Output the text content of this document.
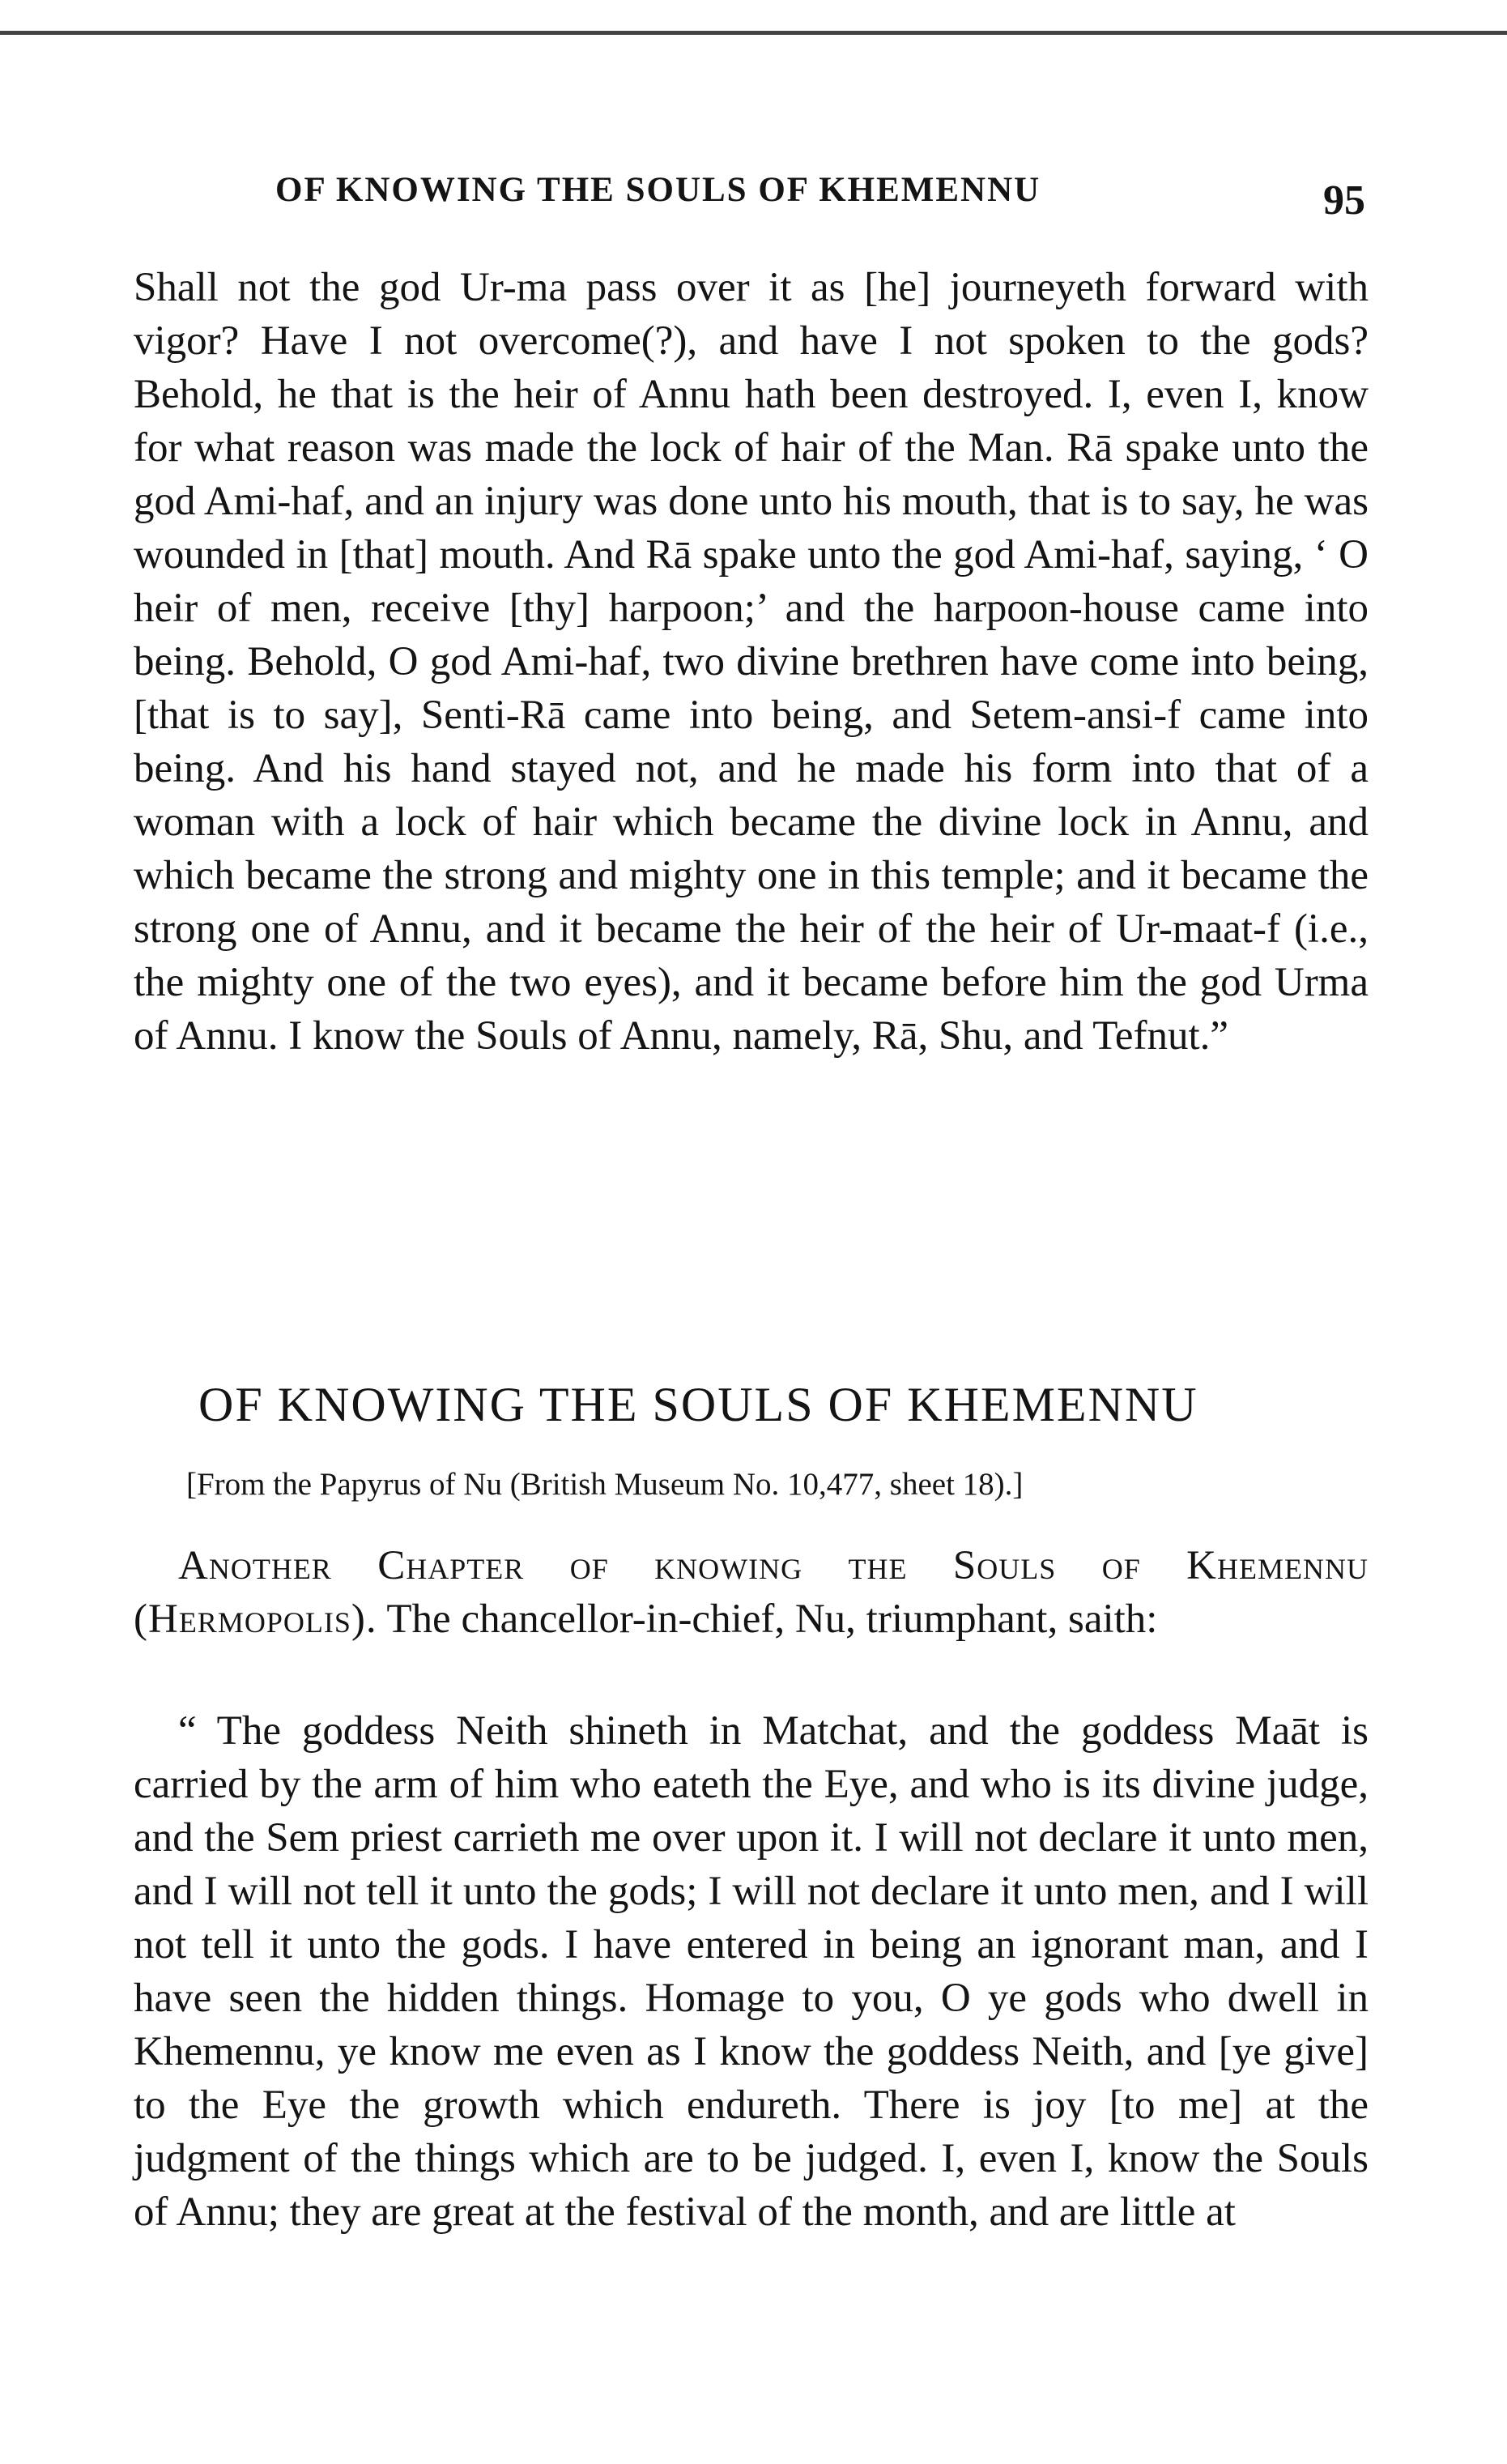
OF KNOWING THE SOULS OF KHEMENNU	95

Shall not the god Ur-ma pass over it as [he] journeyeth forward with vigor? Have I not overcome(?), and have I not spoken to the gods? Behold, he that is the heir of Annu hath been destroyed. I, even I, know for what reason was made the lock of hair of the Man. Rā spake unto the god Ami-haf, and an injury was done unto his mouth, that is to say, he was wounded in [that] mouth. And Rā spake unto the god Ami-haf, saying, ‘ O heir of men, receive [thy] harpoon;’ and the harpoon-house came into being. Behold, O god Ami-haf, two divine brethren have come into being, [that is to say], Senti-Rā came into being, and Setem-ansi-f came into being. And his hand stayed not, and he made his form into that of a woman with a lock of hair which became the divine lock in Annu, and which became the strong and mighty one in this temple; and it became the strong one of Annu, and it became the heir of the heir of Ur-maat-f (i.e., the mighty one of the two eyes), and it became before him the god Urma of Annu. I know the Souls of Annu, namely, Rā, Shu, and Tefnut.”

OF KNOWING THE SOULS OF KHEMENNU
[From the Papyrus of Nu (British Museum No. 10,477, sheet 18).]

Another Chapter of knowing the Souls of Khemennu (Hermopolis). The chancellor-in-chief, Nu, triumphant, saith:

“ The goddess Neith shineth in Matchat, and the goddess Maāt is carried by the arm of him who eateth the Eye, and who is its divine judge, and the Sem priest carrieth me over upon it. I will not declare it unto men, and I will not tell it unto the gods; I will not declare it unto men, and I will not tell it unto the gods. I have entered in being an ignorant man, and I have seen the hidden things. Homage to you, O ye gods who dwell in Khemennu, ye know me even as I know the goddess Neith, and [ye give] to the Eye the growth which endureth. There is joy [to me] at the judgment of the things which are to be judged. I, even I, know the Souls of Annu; they are great at the festival of the month, and are little at
